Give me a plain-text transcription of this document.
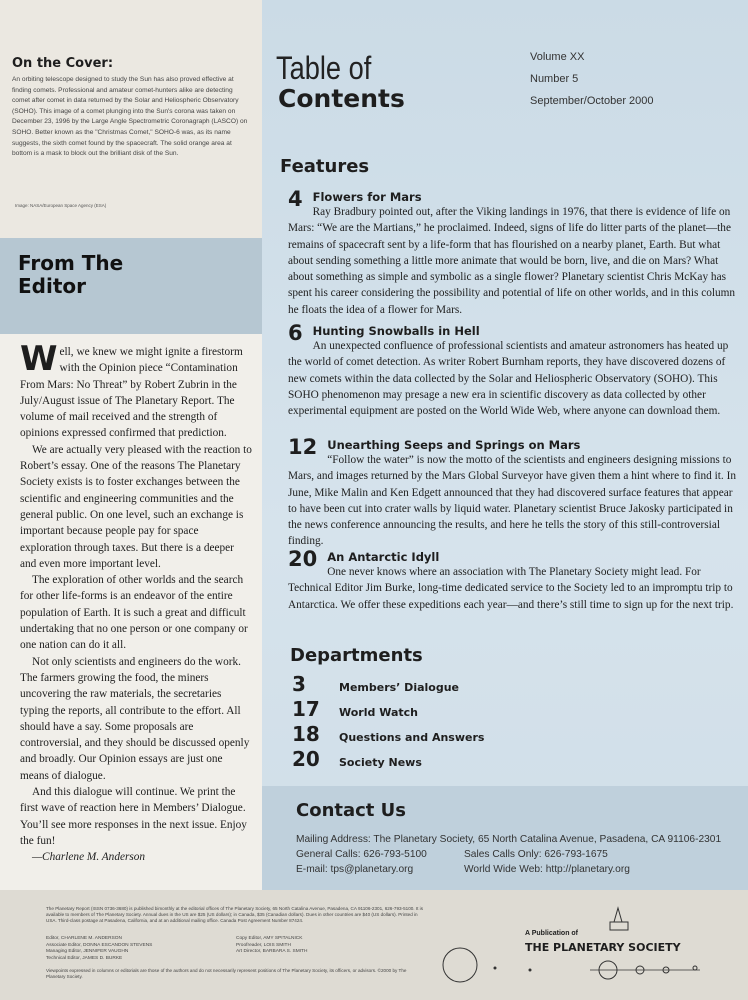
On the Cover:
An orbiting telescope designed to study the Sun has also proved effective at finding comets. Professional and amateur comet-hunters alike are detecting comet after comet in data returned by the Solar and Heliospheric Observatory (SOHO). This image of a comet plunging into the Sun's corona was taken on December 23, 1996 by the Large Angle Spectrometric Coronagraph (LASCO) on SOHO. Better known as the "Christmas Comet," SOHO-6 was, as its name suggests, the sixth comet found by the spacecraft. The solid orange area at bottom is a mask to block out the brilliant disk of the Sun.
Image: NASA/European Space Agency (ESA)
From The Editor

Well, we knew we might ignite a firestorm with the Opinion piece “Contamination From Mars: No Threat” by Robert Zubrin in the July/August issue of The Planetary Report. The volume of mail received and the strength of opinions expressed confirmed that prediction.

We are actually very pleased with the reaction to Robert’s essay. One of the reasons The Planetary Society exists is to foster exchanges between the scientific and engineering communities and the general public. On one level, such an exchange is important because people pay for space exploration through taxes. But there is a deeper and even more important level.

The exploration of other worlds and the search for other life-forms is an endeavor of the entire population of Earth. It is such a great and difficult undertaking that no one person or one company or one nation can do it all.

Not only scientists and engineers do the work. The farmers growing the food, the miners uncovering the raw materials, the secretaries typing the reports, all contribute to the effort. All should have a say. Some proposals are controversial, and they should be discussed openly and broadly. Our Opinion essays are just one means of dialogue.

And this dialogue will continue. We print the first wave of reaction here in Members’ Dialogue. You’ll see more responses in the next issue. Enjoy the fun!

—Charlene M. Anderson

Table of
Contents
Volume XX
Number 5
September/October 2000
Features
4 Flowers for Mars
Ray Bradbury pointed out, after the Viking landings in 1976, that there is evidence of life on Mars: “We are the Martians,” he proclaimed. Indeed, signs of life do litter parts of the planet—the remains of spacecraft sent by a life-form that has flourished on a nearby planet, Earth. But what about sending something a little more animate that would be born, live, and die on Mars? What about something as simple and symbolic as a single flower? Planetary scientist Chris McKay has spent his career considering the possibility and potential of life on other worlds, and in this column he floats the idea of a flower for Mars.
6 Hunting Snowballs in Hell
An unexpected confluence of professional scientists and amateur astronomers has heated up the world of comet detection. As writer Robert Burnham reports, they have discovered dozens of new comets within the data collected by the Solar and Heliospheric Observatory (SOHO). This SOHO phenomenon may presage a new era in scientific discovery as data collected by other experimental equipment are posted on the World Wide Web, where anyone can download them.
12 Unearthing Seeps and Springs on Mars
“Follow the water” is now the motto of the scientists and engineers designing missions to Mars, and images returned by the Mars Global Surveyor have given them a hint where to find it. In June, Mike Malin and Ken Edgett announced that they had discovered surface features that appear to have been cut into crater walls by liquid water. Planetary scientist Bruce Jakosky participated in the news conference announcing the results, and here he tells the story of this still-controversial finding.
20 An Antarctic Idyll
One never knows where an association with The Planetary Society might lead. For Technical Editor Jim Burke, long-time dedicated service to the Society led to an impromptu trip to Antarctica. We offer these expeditions each year—and there’s still time to sign up for the next trip.
Departments
3	Members’ Dialogue
17	World Watch
18	Questions and Answers
20	Society News
Contact Us
Mailing Address: The Planetary Society, 65 North Catalina Avenue, Pasadena, CA 91106-2301
General Calls: 626-793-5100	Sales Calls Only: 626-793-1675
E-mail: tps@planetary.org	World Wide Web: http://planetary.org
The Planetary Report (ISSN 0736-3680) is published bimonthly at the editorial offices of The Planetary Society, 65 North Catalina Avenue, Pasadena, CA 91106-2301, 626-793-5100. It is available to members of The Planetary Society. Annual dues in the US are $25 (US dollars); in Canada, $35 (Canadian dollars). Dues in other countries are $40 (US dollars). Printed in USA. Third-class postage at Pasadena, California, and at an additional mailing office. Canada Post Agreement Number 87424.
Editor, CHARLENE M. ANDERSON	Copy Editor, AMY SPITALNICK
Associate Editor, DONNA ESCANDON STEVENS	Proofreader, LOIS SMITH
Managing Editor, JENNIFER VAUGHN	Art Director, BARBARA S. SMITH
Technical Editor, JAMES D. BURKE
Viewpoints expressed in columns or editorials are those of the authors and do not necessarily represent positions of The Planetary Society, its officers, or advisors. ©2000 by The Planetary Society.
A Publication of
THE PLANETARY SOCIETY
